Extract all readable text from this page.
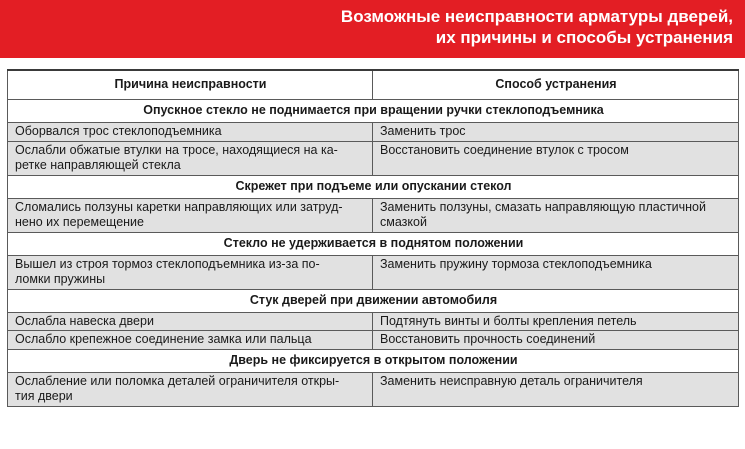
Возможные неисправности арматуры дверей,
их причины и способы устранения
Причина неисправности	Способ устранения
Опускное стекло не поднимается при вращении ручки стеклоподъемника	
Оборвался трос стеклоподъемника	Заменить трос
Ослабли обжатые втулки на тросе, находящиеся на ка-
ретке направляющей стекла	Восстановить соединение втулок с тросом
Скрежет при подъеме или опускании стекол	
Сломались ползуны каретки направляющих или затруд-
нено их перемещение	Заменить ползуны, смазать направляющую пластичной
смазкой
Стекло не удерживается в поднятом положении	
Вышел из строя тормоз стеклоподъемника из-за по-
ломки пружины	Заменить пружину тормоза стеклоподъемника
Стук дверей при движении автомобиля	
Ослабла навеска двери	Подтянуть винты и болты крепления петель
Ослабло крепежное соединение замка или пальца	Восстановить прочность соединений
Дверь не фиксируется в открытом положении	
Ослабление или поломка деталей ограничителя откры-
тия двери	Заменить неисправную деталь ограничителя
